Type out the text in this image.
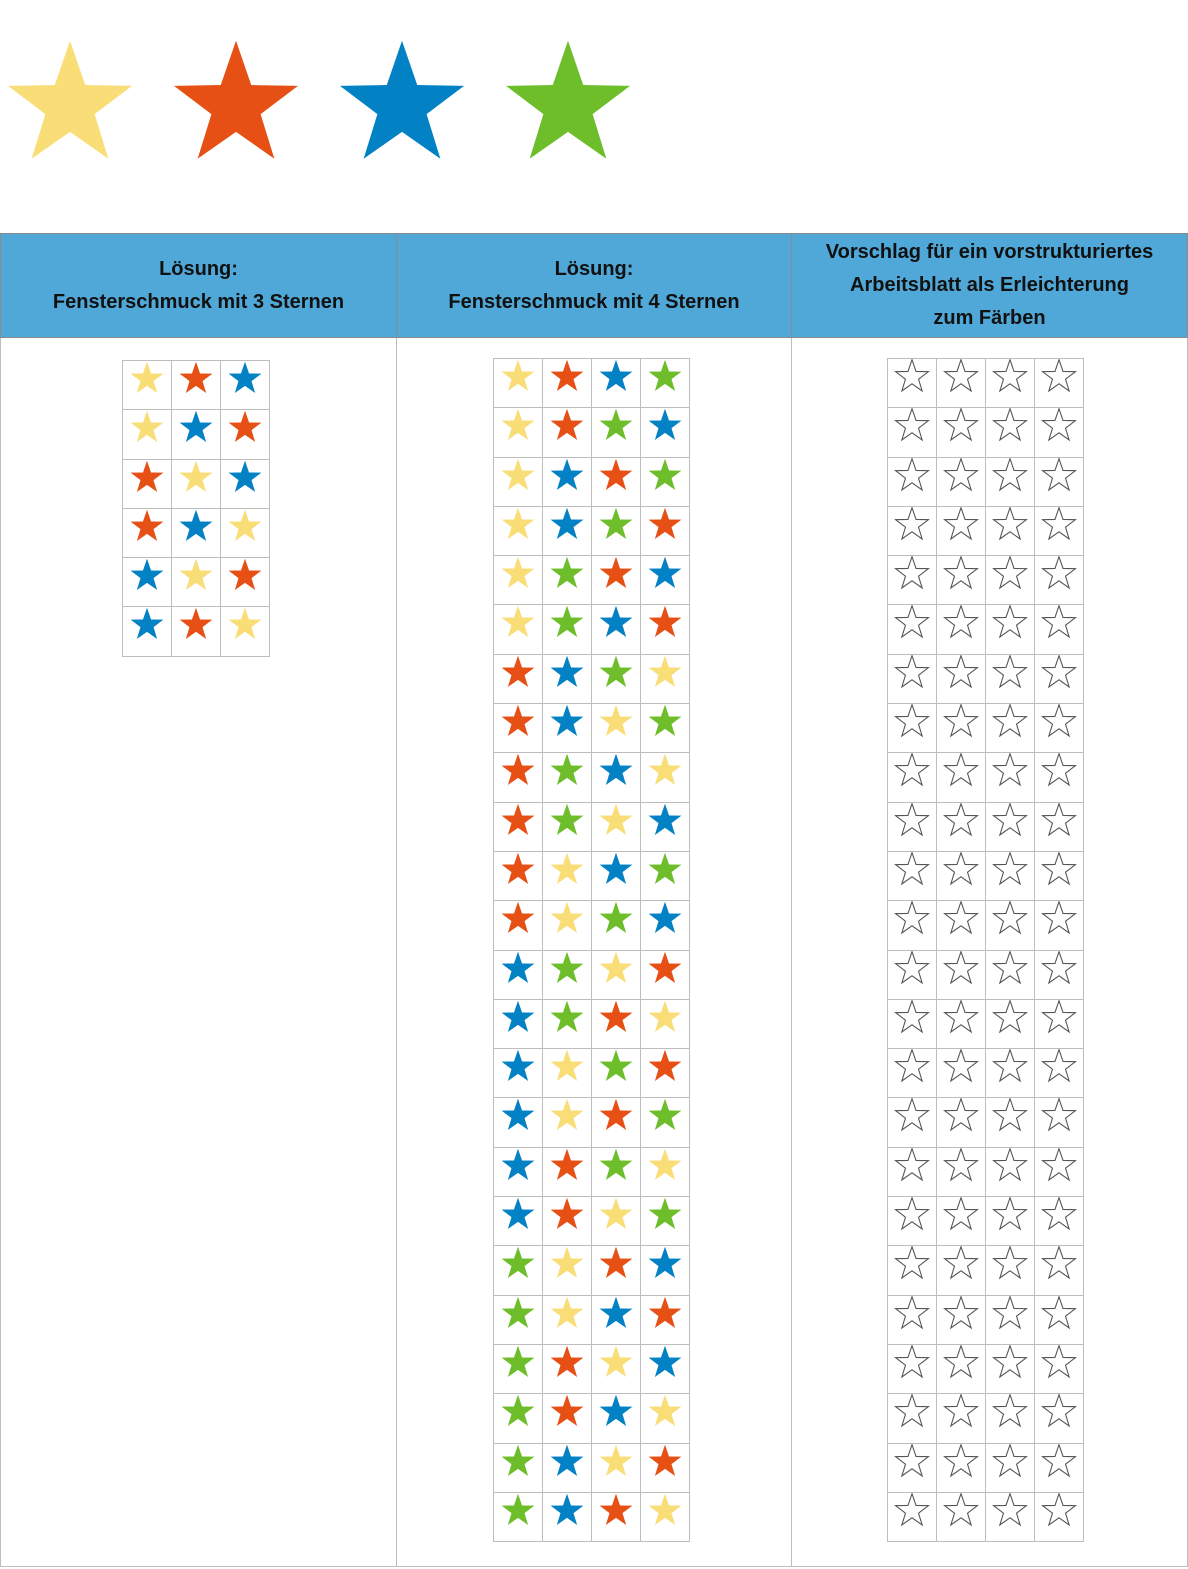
Lösung:
Fensterschmuck mit 3 Sternen

Lösung:
Fensterschmuck mit 4 Sternen

Vorschlag für ein vorstrukturiertes
Arbeitsblatt als Erleichterung
zum Färben
